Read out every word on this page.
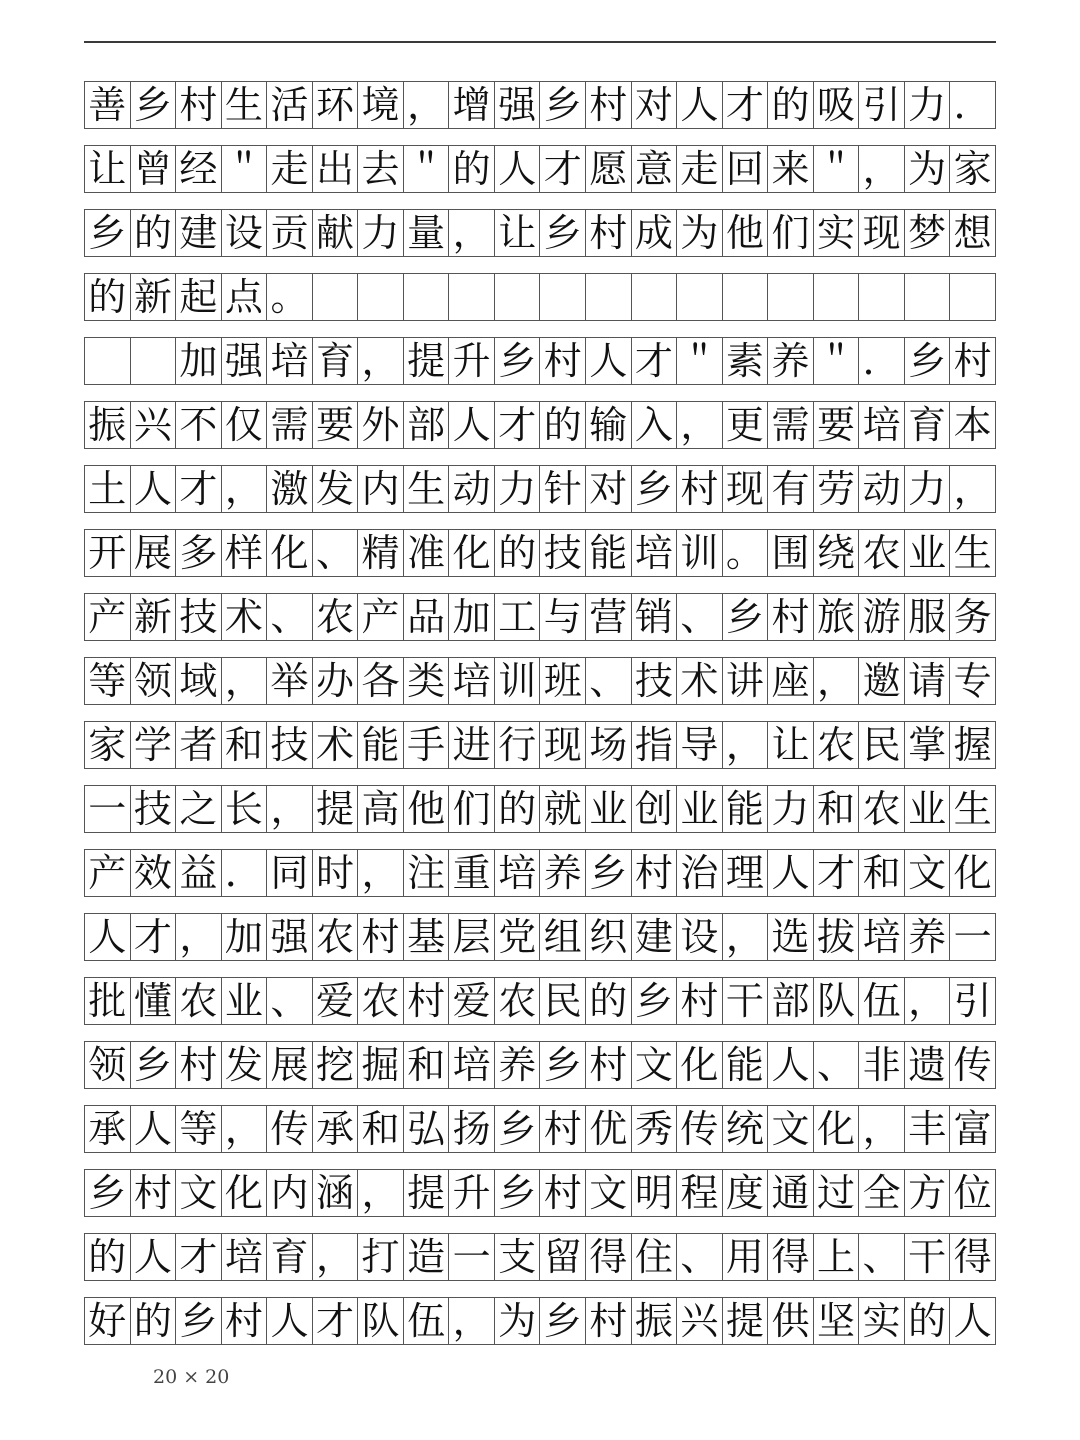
善 乡 村 生 活 环 境 ， 增 强 乡 村 对 人 才 的 吸 引 力 ．
让 曾 经 ＂ 走 出 去 ＂ 的 人 才 愿 意 走 回 来 ＂ ， 为 家
乡 的 建 设 贡 献 力 量 ， 让 乡 村 成 为 他 们 实 现 梦 想
的 新 起 点 。

加 强 培 育 ， 提 升 乡 村 人 才 ＂ 素 养 ＂ ． 乡 村
振 兴 不 仅 需 要 外 部 人 才 的 输 入 ， 更 需 要 培 育 本
土 人 才 ， 激 发 内 生 动 力 针 对 乡 村 现 有 劳 动 力 ，
开 展 多 样 化 、 精 准 化 的 技 能 培 训 。 围 绕 农 业 生
产 新 技 术 、 农 产 品 加 工 与 营 销 、 乡 村 旅 游 服 务
等 领 域 ， 举 办 各 类 培 训 班 、 技 术 讲 座 ， 邀 请 专
家 学 者 和 技 术 能 手 进 行 现 场 指 导 ， 让 农 民 掌 握
一 技 之 长 ， 提 高 他 们 的 就 业 创 业 能 力 和 农 业 生
产 效 益 ． 同 时 ， 注 重 培 养 乡 村 治 理 人 才 和 文 化
人 才 ， 加 强 农 村 基 层 党 组 织 建 设 ， 选 拔 培 养 一
批 懂 农 业 、 爱 农 村 爱 农 民 的 乡 村 干 部 队 伍 ， 引
领 乡 村 发 展 挖 掘 和 培 养 乡 村 文 化 能 人 、 非 遗 传
承 人 等 ， 传 承 和 弘 扬 乡 村 优 秀 传 统 文 化 ， 丰 富
乡 村 文 化 内 涵 ， 提 升 乡 村 文 明 程 度 通 过 全 方 位
的 人 才 培 育 ， 打 造 一 支 留 得 住 、 用 得 上 、 干 得
好 的 乡 村 人 才 队 伍 ， 为 乡 村 振 兴 提 供 坚 实 的 人
20 × 20
